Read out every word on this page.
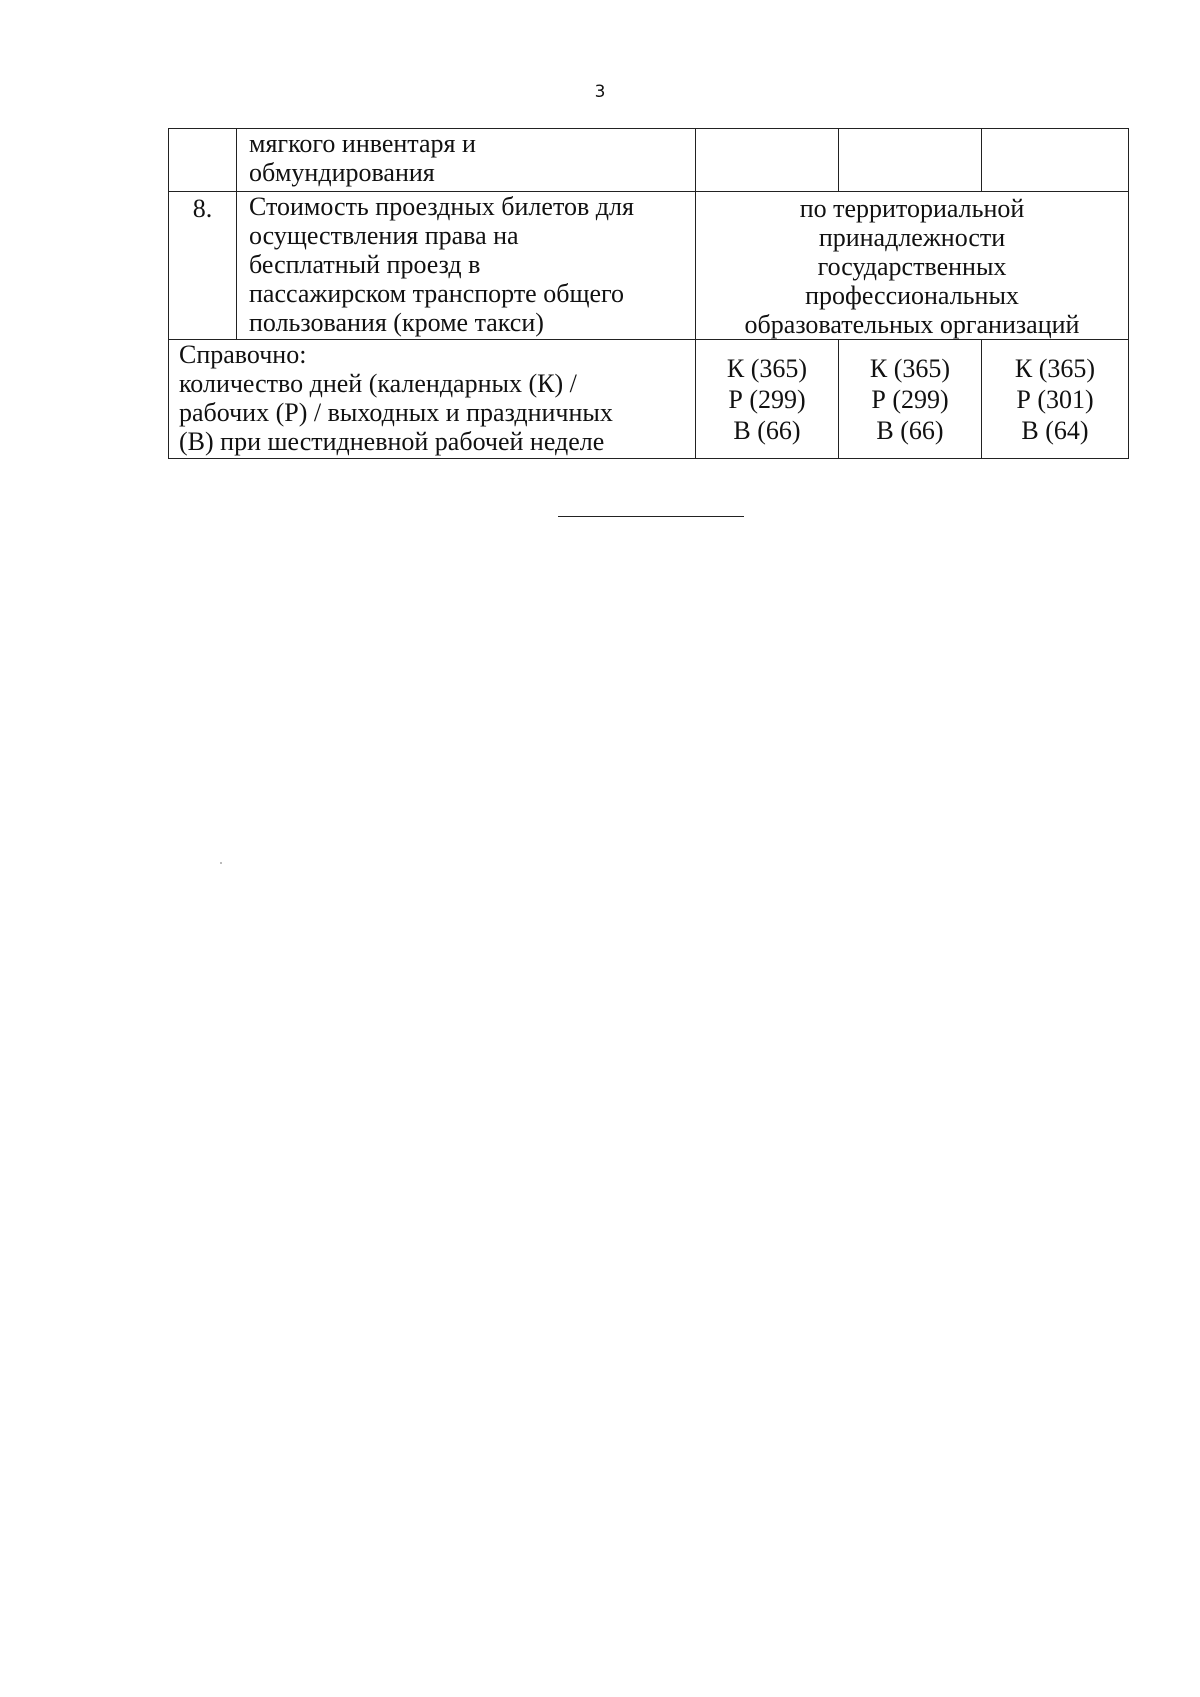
3

	мягкого инвентаря и
обмундирования			

8.	Стоимость проездных билетов для
осуществления права на
бесплатный проезд в
пассажирском транспорте общего
пользования (кроме такси)	по территориальной
принадлежности
государственных
профессиональных
образовательных организаций		

Справочно:
количество дней (календарных (К) /
рабочих (Р) / выходных и праздничных
(В) при шестидневной рабочей неделе		К (365)
Р (299)
В (66)	К (365)
Р (299)
В (66)	К (365)
Р (301)
В (64)
